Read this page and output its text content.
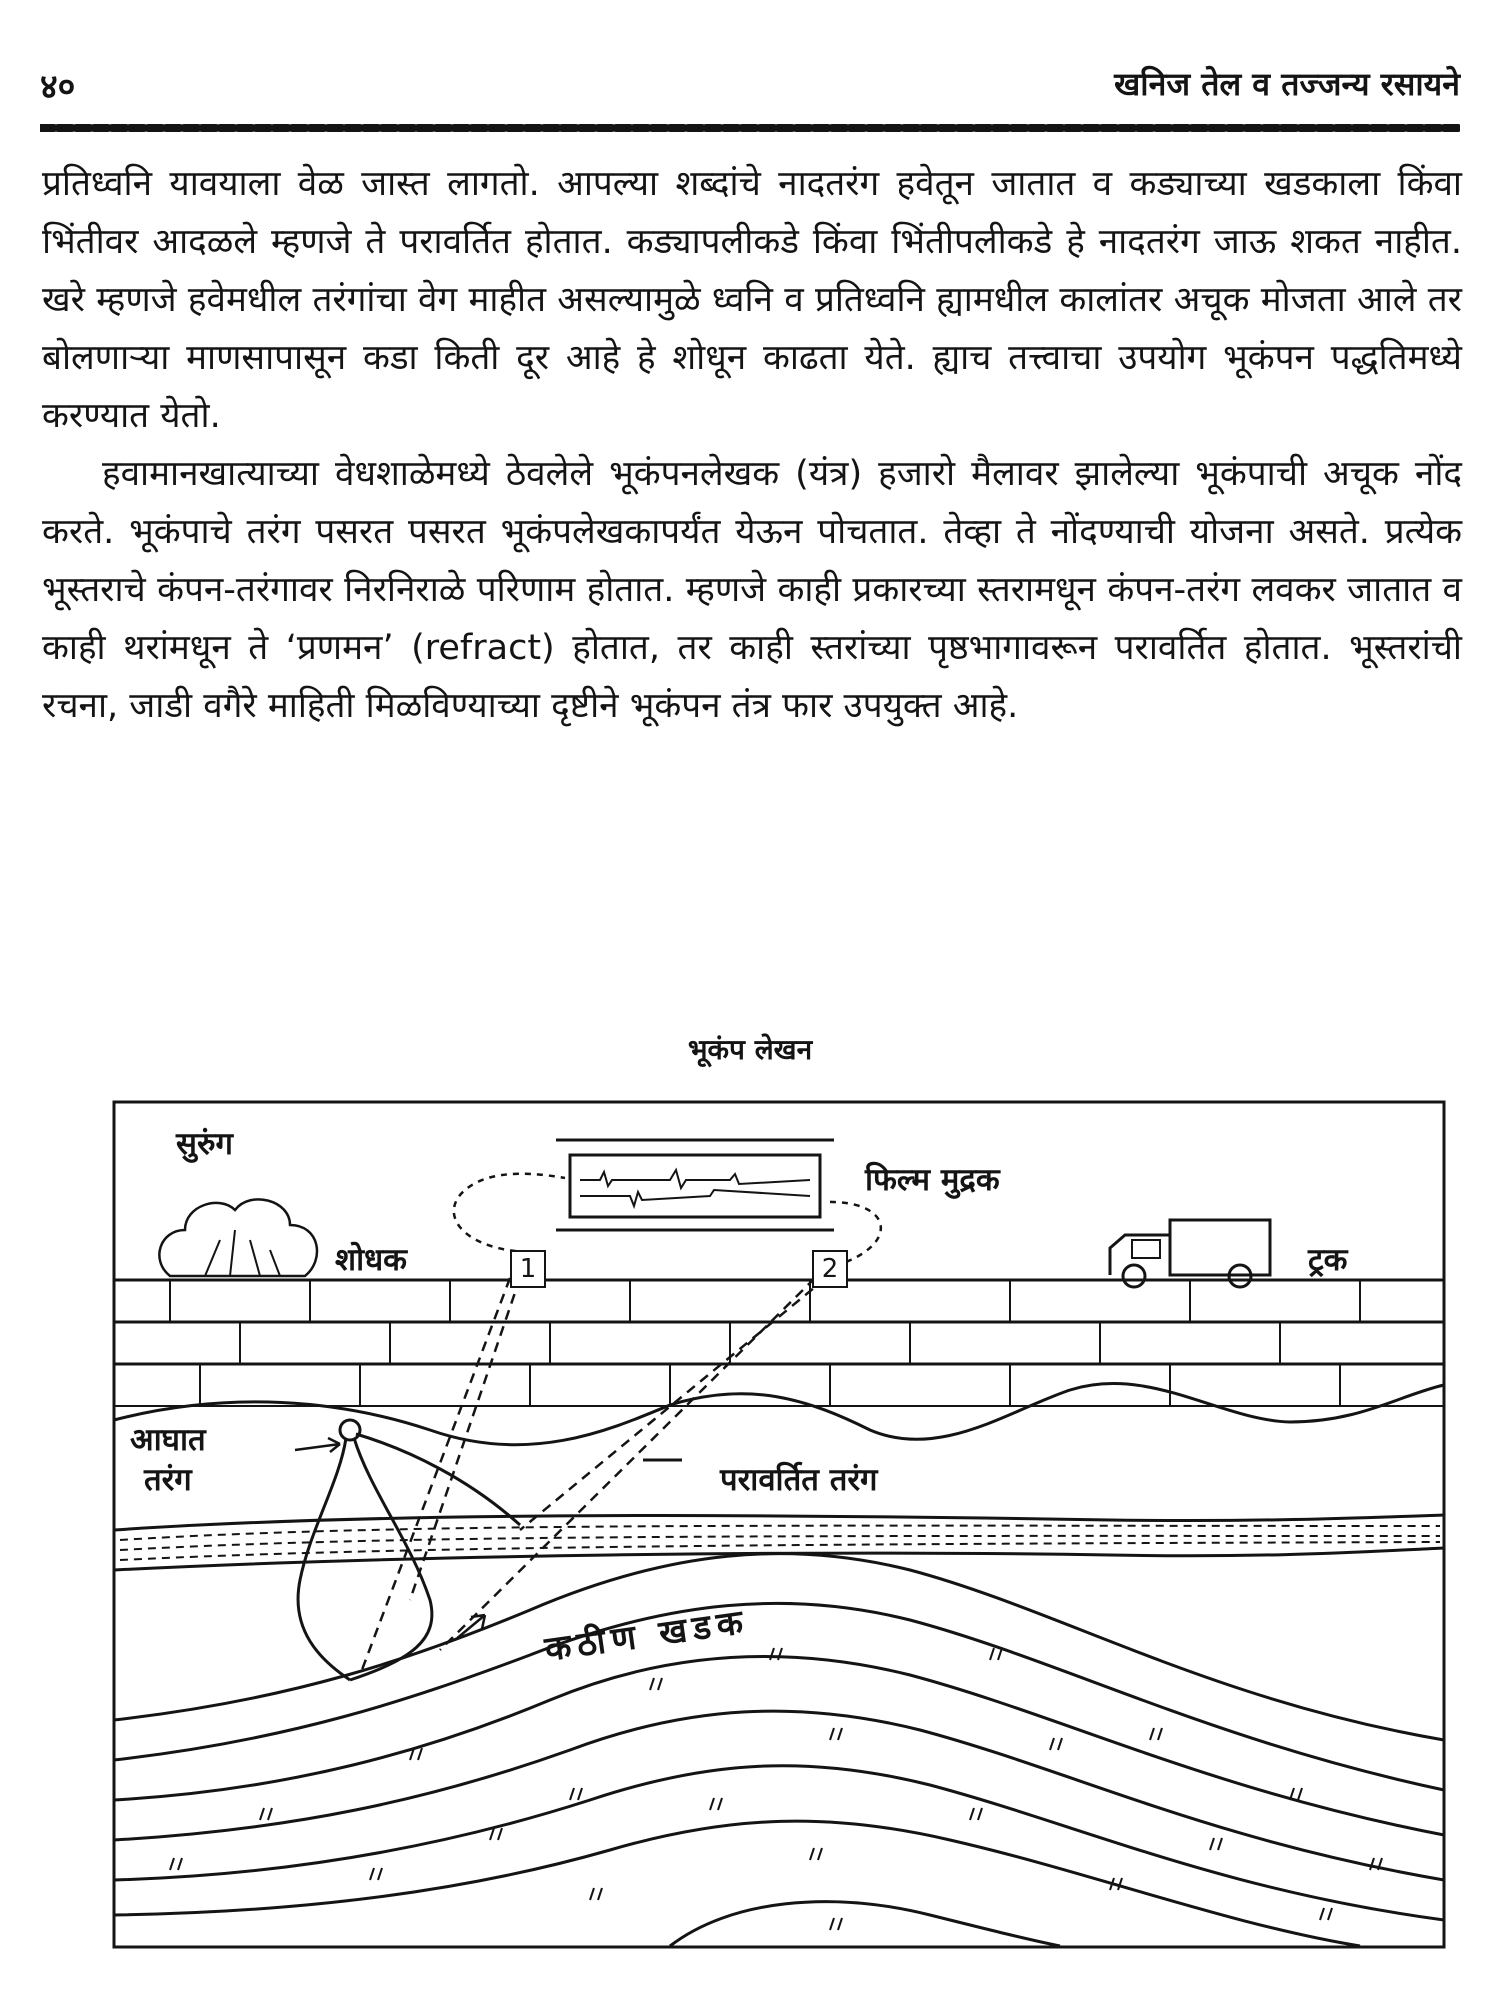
४०	खनिज तेल व तज्जन्य रसायने

प्रतिध्वनि यावयाला वेळ जास्त लागतो. आपल्या शब्दांचे नादतरंग हवेतून जातात व कड्याच्या खडकाला किंवा भिंतीवर आदळले म्हणजे ते परावर्तित होतात. कड्यापलीकडे किंवा भिंतीपलीकडे हे नादतरंग जाऊ शकत नाहीत. खरे म्हणजे हवेमधील तरंगांचा वेग माहीत असल्यामुळे ध्वनि व प्रतिध्वनि ह्यामधील कालांतर अचूक मोजता आले तर बोलणाऱ्या माणसापासून कडा किती दूर आहे हे शोधून काढता येते. ह्याच तत्त्वाचा उपयोग भूकंपन पद्धतिमध्ये करण्यात येतो.

हवामानखात्याच्या वेधशाळेमध्ये ठेवलेले भूकंपनलेखक (यंत्र) हजारो मैलावर झालेल्या भूकंपाची अचूक नोंद करते. भूकंपाचे तरंग पसरत पसरत भूकंपलेखकापर्यंत येऊन पोचतात. तेव्हा ते नोंदण्याची योजना असते. प्रत्येक भूस्तराचे कंपन-तरंगावर निरनिराळे परिणाम होतात. म्हणजे काही प्रकारच्या स्तरामधून कंपन-तरंग लवकर जातात व काही थरांमधून ते ‘प्रणमन’ (refract) होतात, तर काही स्तरांच्या पृष्ठभागावरून परावर्तित होतात. भूस्तरांची रचना, जाडी वगैरे माहिती मिळविण्याच्या दृष्टीने भूकंपन तंत्र फार उपयुक्त आहे.

भूकंप लेखन
सुरुंग
शोधक	1	2
फिल्म मुद्रक
ट्रक
आघात
तरंग	परावर्तित तरंग
कठीण खडक
